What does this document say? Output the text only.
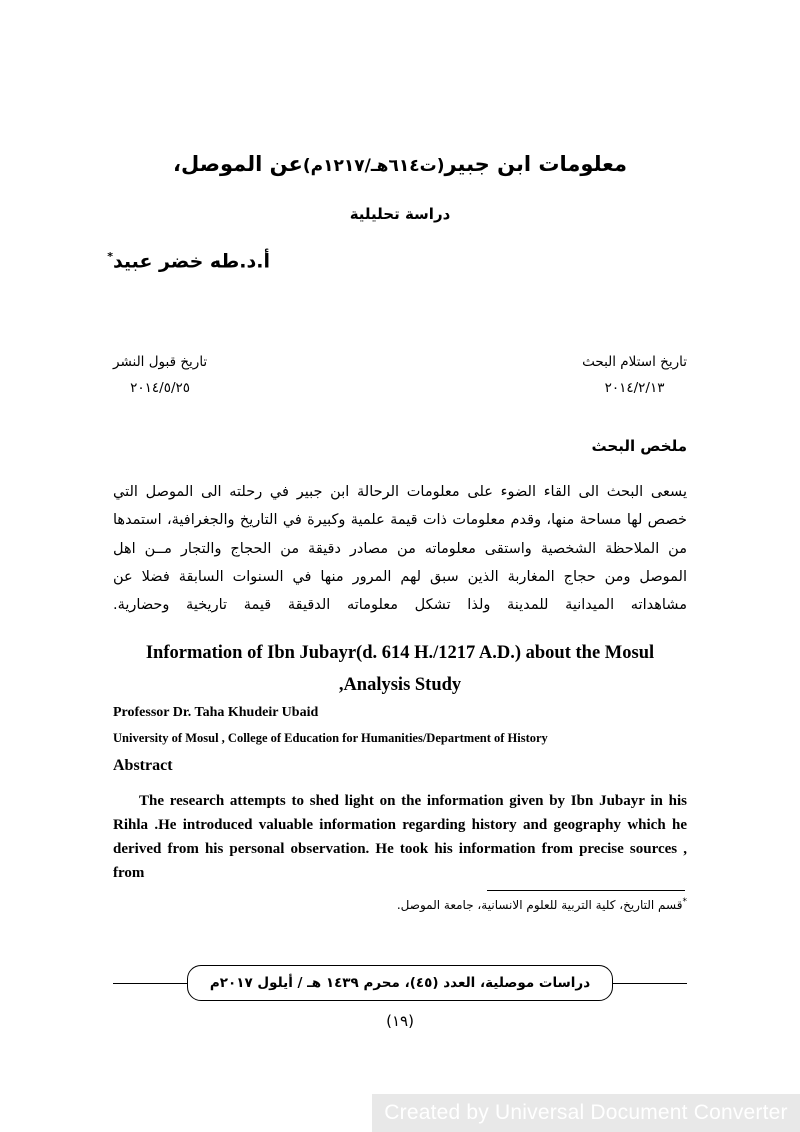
معلومات ابن جبير(ت٦١٤هـ/١٢١٧م)عن الموصل،
دراسة تحليلية
أ.د.طه خضر عبيد*
تاريخ استلام البحث
٢٠١٤/٢/١٣
تاريخ قبول النشر
٢٠١٤/٥/٢٥
ملخص البحث
يسعى البحث الى القاء الضوء على معلومات الرحالة ابن جبير في رحلته الى الموصل التي خصص لها مساحة منها، وقدم معلومات ذات قيمة علمية وكبيرة في التاريخ والجغرافية، استمدها من الملاحظة الشخصية واستقى معلوماته من مصادر دقيقة من الحجاج والتجار مــن اهل الموصل ومن حجاج المغاربة الذين سبق لهم المرور منها في السنوات السابقة فضلا عن مشاهداته الميدانية للمدينة ولذا تشكل معلوماته الدقيقة قيمة تاريخية وحضارية.
Information of Ibn Jubayr(d. 614 H./1217 A.D.) about the Mosul
,Analysis Study
Professor Dr. Taha Khudeir Ubaid
University of Mosul , College of Education for Humanities/Department of History
Abstract
The research attempts to shed light on the information given by Ibn Jubayr in his Rihla .He introduced valuable information regarding history and geography which he derived from his personal observation. He took his information from precise sources , from
*قسم التاريخ، كلية التربية للعلوم الانسانية، جامعة الموصل.
دراسات موصلية، العدد (٤٥)، محرم ١٤٣٩ هـ / أيلول ٢٠١٧م
(١٩)
Created by Universal Document Converter
